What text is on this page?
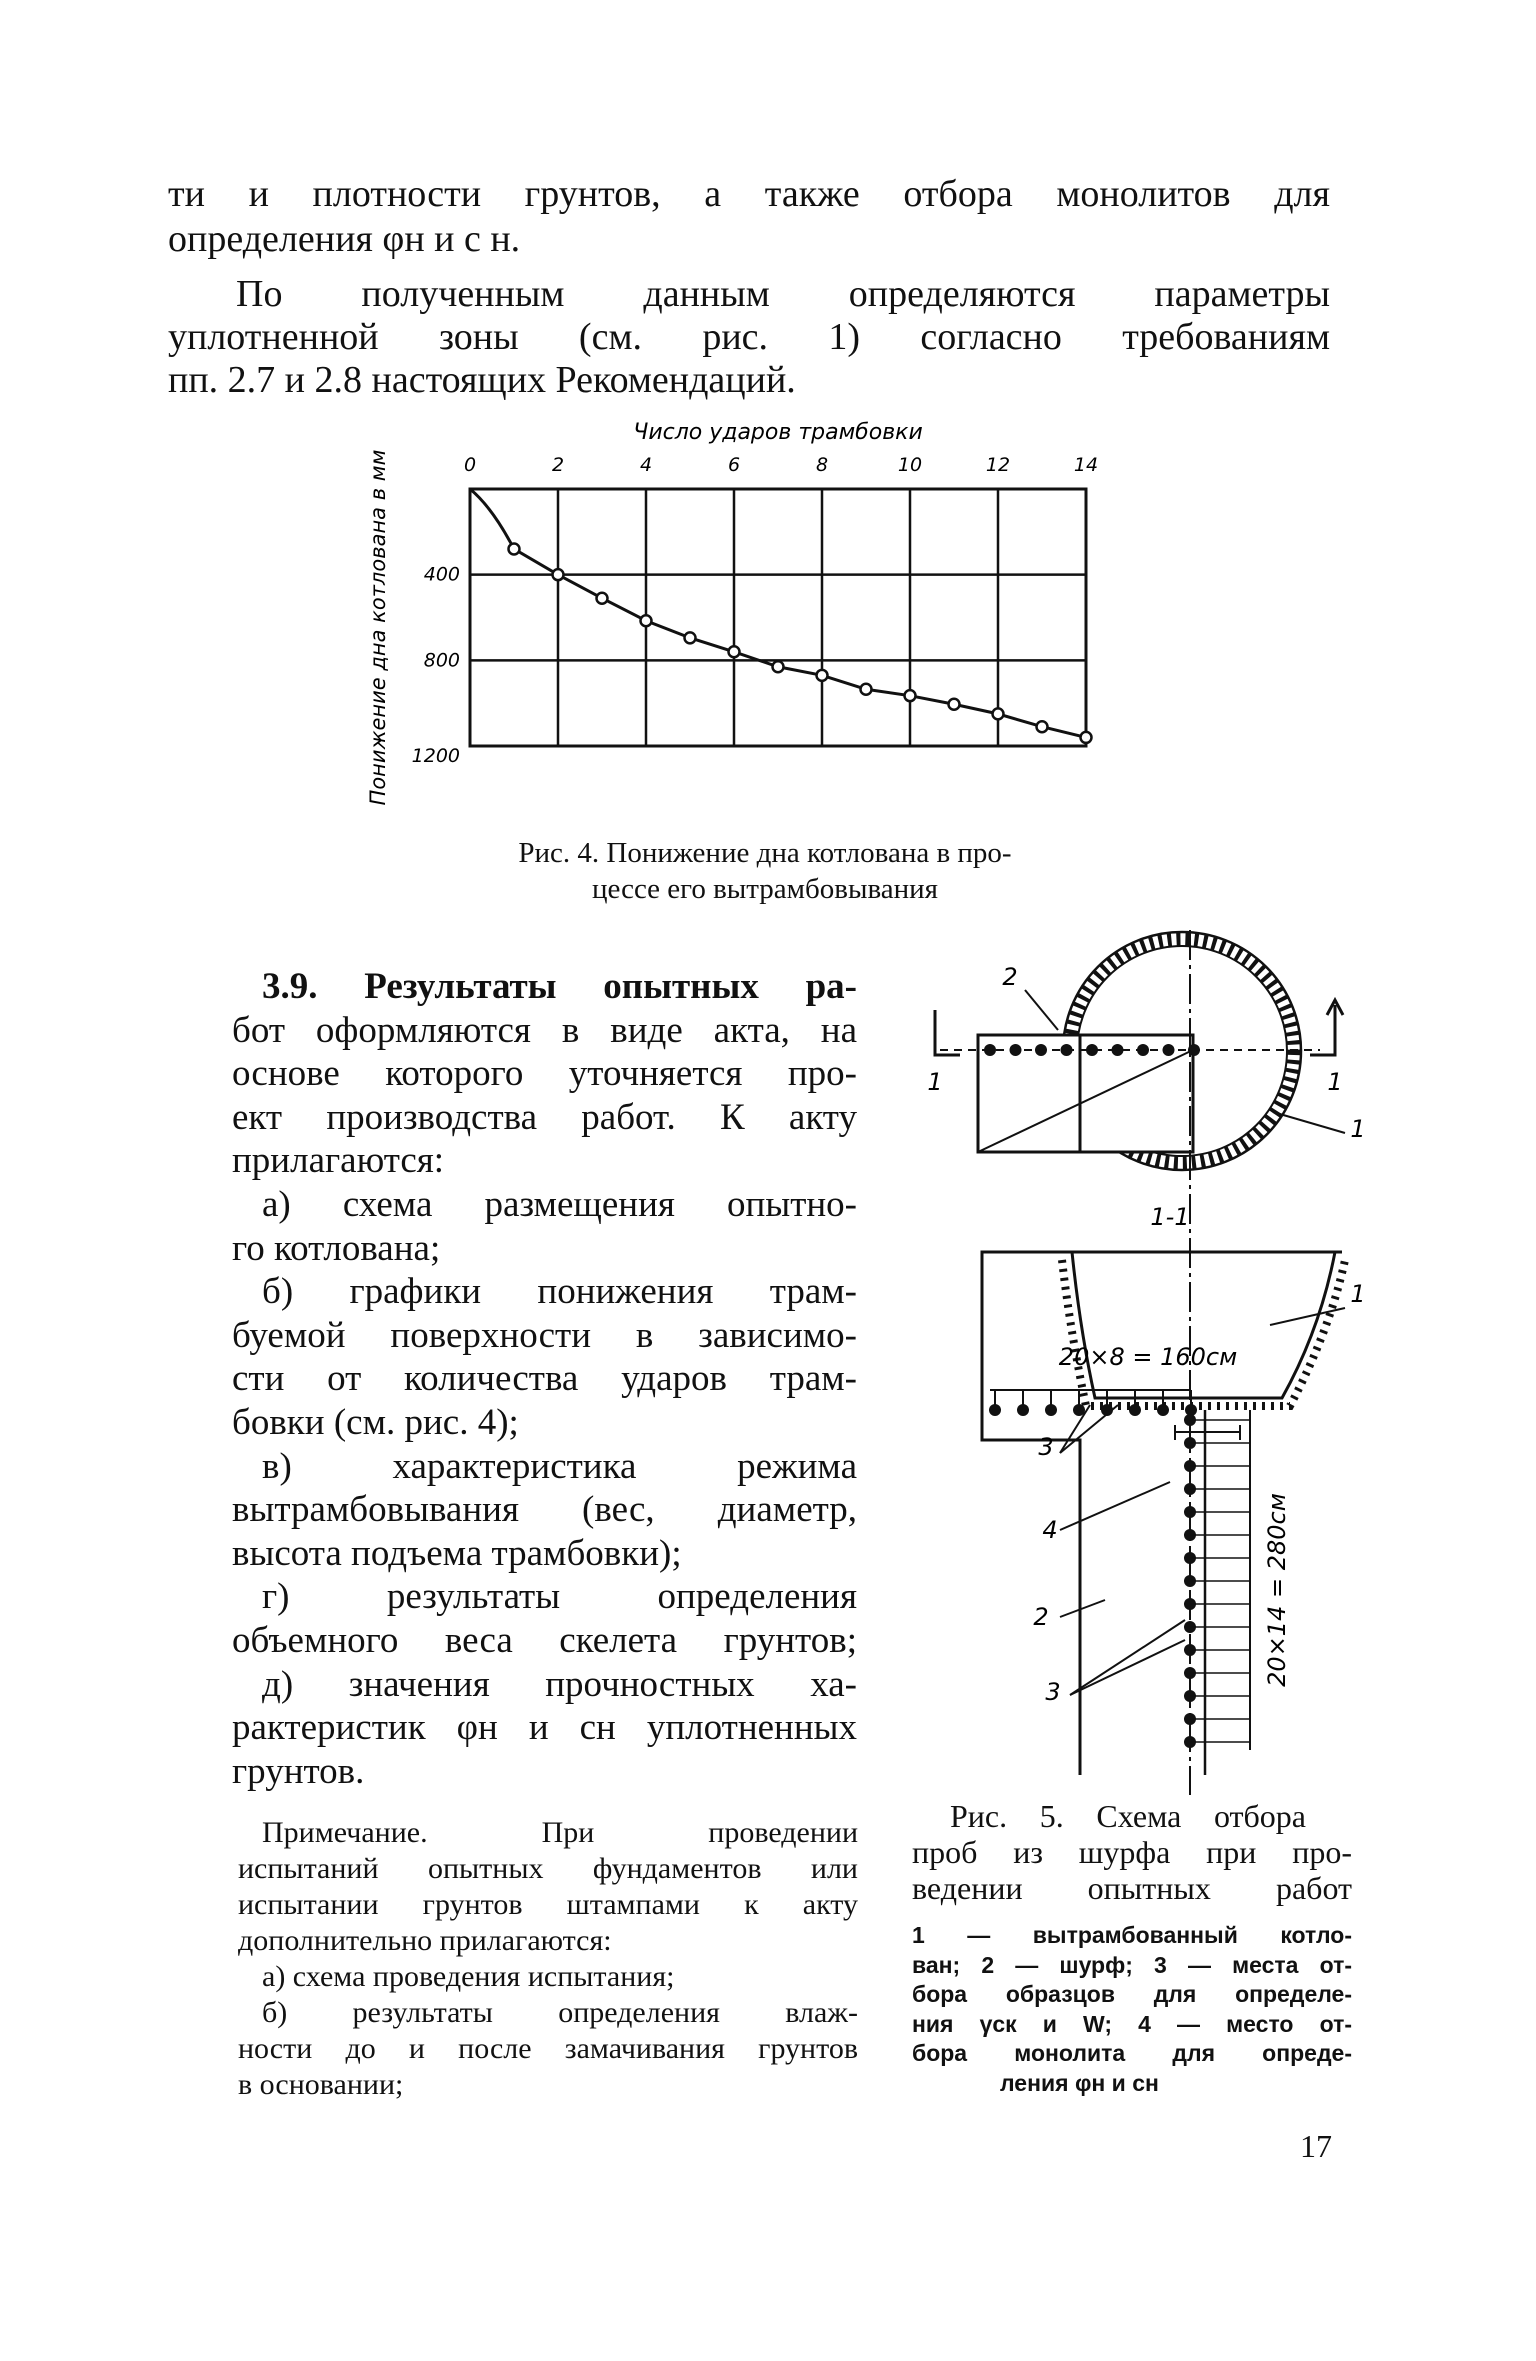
ти и плотности грунтов, а также отбора монолитов для
определения φн и с н.
По полученным данным определяются параметры
уплотненной зоны (см. рис. 1) согласно требованиям
пп. 2.7 и 2.8 настоящих Рекомендаций.
Число ударов трамбовки
0	2	4	6	8	10	12	14
400
800
1200
Понижение дна котлована в мм
Рис. 4. Понижение дна котлована в про-
цессе его вытрамбовывания
3.9. Результаты опытных ра-
бот оформляются в виде акта, на
основе которого уточняется про-
ект производства работ. К акту
прилагаются:
а) схема размещения опытно-
го котлована;
б) графики понижения трам-
буемой поверхности в зависимо-
сти от количества ударов трам-
бовки (см. рис. 4);
в) характеристика режима
вытрамбовывания (вес, диаметр,
высота подъема трамбовки);
г) результаты определения
объемного веса скелета грунтов;
д) значения прочностных ха-
рактеристик φн и сн уплотненных
грунтов.
Примечание. При проведении
испытаний опытных фундаментов или
испытании грунтов штампами к акту
дополнительно прилагаются:
а) схема проведения испытания;
б) результаты определения влаж-
ности до и после замачивания грунтов
в основании;
2
1
1	1
1-1
1
20×8 = 160см
3
4
2
3
20×14 = 280см
Рис. 5. Схема отбора
проб из шурфа при про-
ведении опытных работ
1 — вытрамбованный котло-
ван; 2 — шурф; 3 — места от-
бора образцов для определе-
ния γск и W; 4 — место от-
бора монолита для опреде-
ления φн и сн
17
